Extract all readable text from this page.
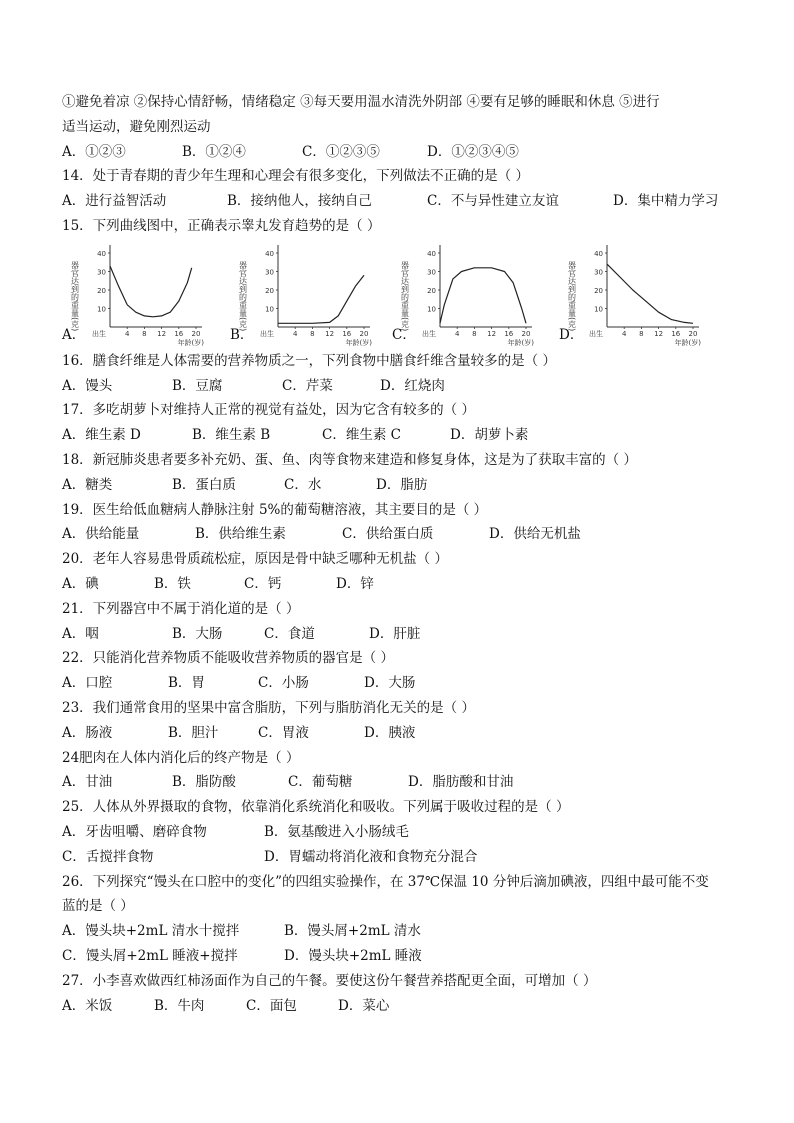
①避免着凉 ②保持心情舒畅，情绪稳定 ③每天要用温水清洗外阴部 ④要有足够的睡眠和休息 ⑤进行
适当运动，避免刚烈运动
A．①②③	B．①②④	C．①②③⑤	D．①②③④⑤
14．处于青春期的青少年生理和心理会有很多变化，下列做法不正确的是（ ）
A．进行益智活动	B．接纳他人，接纳自己	C．不与异性建立友谊	D．集中精力学习
15．下列曲线图中，正确表示睾丸发育趋势的是（ ）
A．
器官达到的重量(克)	10
20
30
40
4 8 12 16 20
出生
年龄(岁) B．
器官达到的重量(克)	10
20
30
40
4 8 12 16 20
出生
年龄(岁) C．
器官达到的重量(克)	10
20
30
40
4 8 12 16 20
出生
年龄(岁) D．
器官达到的重量(克)	10
20
30
40
4 8 12 16 20
出生
年龄(岁)
16．膳食纤维是人体需要的营养物质之一，下列食物中膳食纤维含量较多的是（ ）
A．馒头	B．豆腐	C．芹菜	D．红烧肉
17．多吃胡萝卜对维持人正常的视觉有益处，因为它含有较多的（ ）
A．维生素 D	B．维生素 B	C．维生素 C	D．胡萝卜素
18．新冠肺炎患者要多补充奶、蛋、鱼、肉等食物来建造和修复身体，这是为了获取丰富的（ ）
A．糖类	B．蛋白质	C．水	D．脂肪
19．医生给低血糖病人静脉注射 5%的葡萄糖溶液，其主要目的是（ ）
A．供给能量	B．供给维生素	C．供给蛋白质	D．供给无机盐
20．老年人容易患骨质疏松症，原因是骨中缺乏哪种无机盐（ ）
A．碘	B．铁	C．钙	D．锌
21．下列器宫中不属于消化道的是（ ）
A．咽	B．大肠	C．食道	D．肝脏
22．只能消化营养物质不能吸收营养物质的器官是（ ）
A．口腔	B．胃	C．小肠	D．大肠
23．我们通常食用的坚果中富含脂肪，下列与脂肪消化无关的是（ ）
A．肠液	B．胆汁	C．胃液	D．胰液
24肥肉在人体内消化后的终产物是（ ）
A．甘油	B．脂防酸	C．葡萄糖	D．脂肪酸和甘油
25．人体从外界摄取的食物，依靠消化系统消化和吸收。下列属于吸收过程的是（ ）
A．牙齿咀嚼、磨碎食物	B．氨基酸进入小肠绒毛
C．舌搅拌食物	D．胃蠕动将消化液和食物充分混合
26．下列探究“馒头在口腔中的变化”的四组实验操作，在 37℃保温 10 分钟后滴加碘液，四组中最可能不变
蓝的是（ ）
A．馒头块+2mL 清水十搅拌	B．馒头屑+2mL 清水
C．馒头屑+2mL 睡液+搅拌	D．馒头块+2mL 睡液
27．小李喜欢做西红柿汤面作为自己的午餐。要使这份午餐营养搭配更全面，可增加（ ）
A．米饭	B．牛肉	C．面包	D．菜心
